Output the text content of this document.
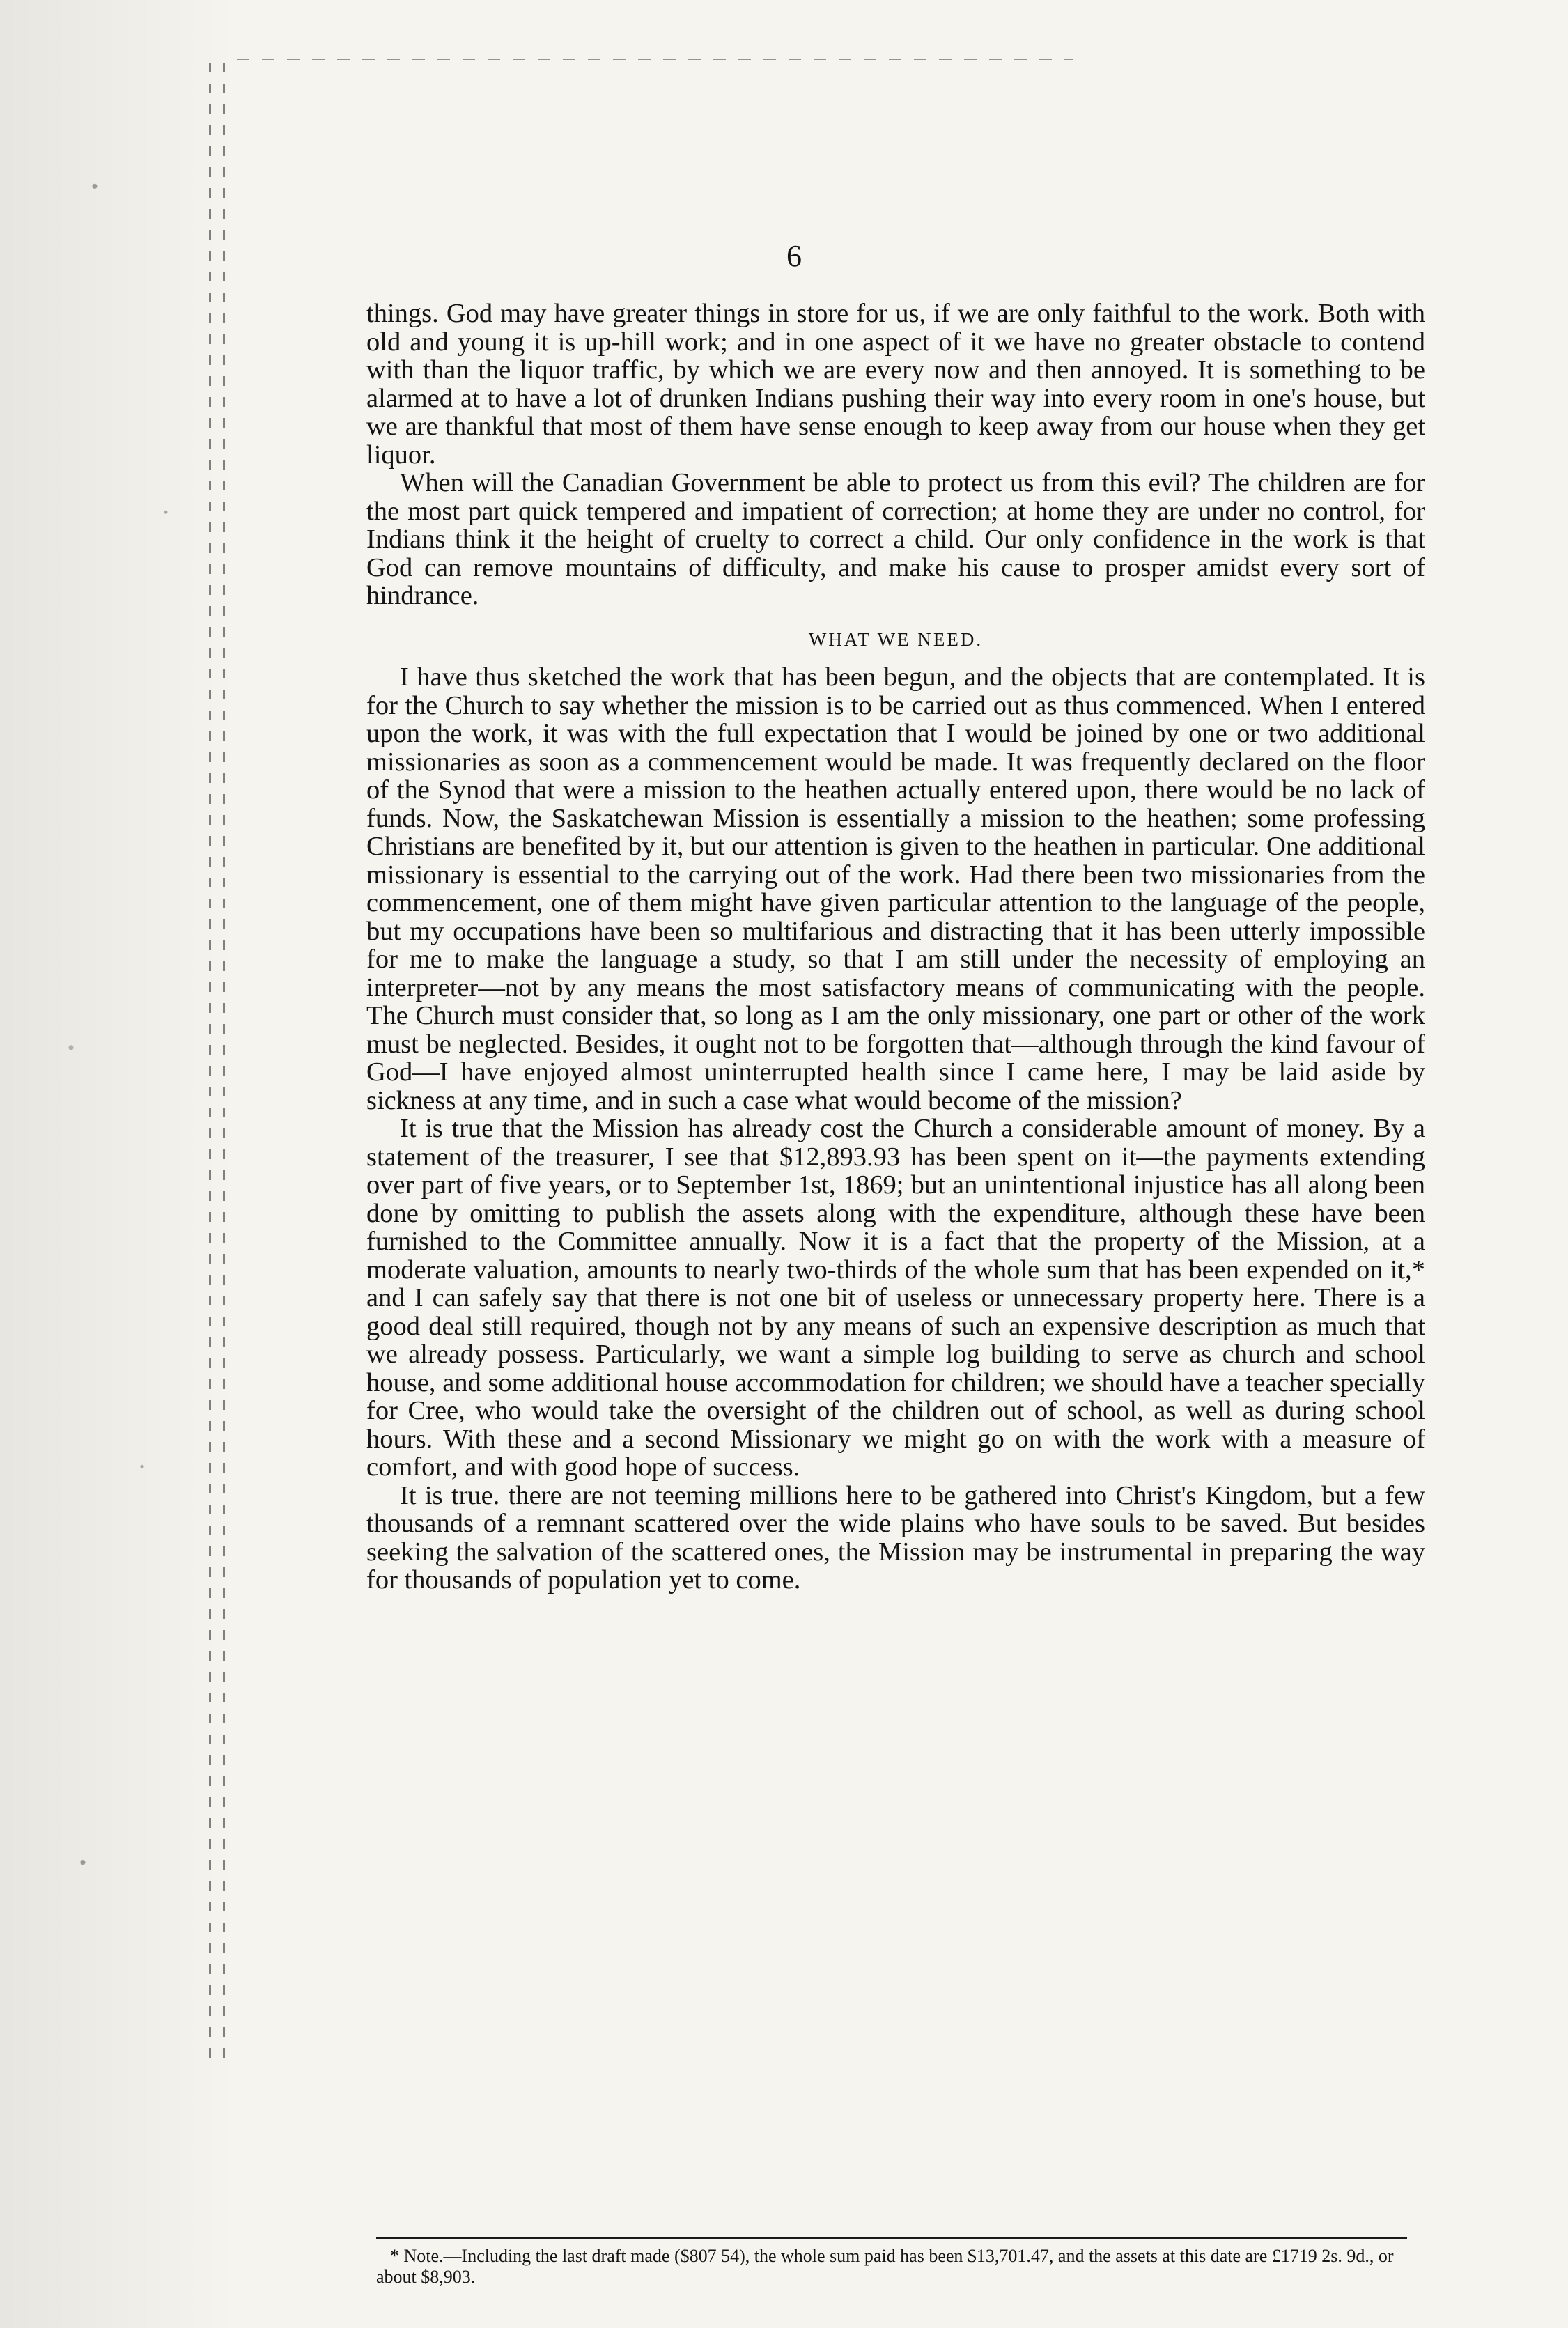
6

things. God may have greater things in store for us, if we are only faithful to the work. Both with old and young it is up-hill work; and in one aspect of it we have no greater obstacle to contend with than the liquor traffic, by which we are every now and then annoyed. It is something to be alarmed at to have a lot of drunken Indians pushing their way into every room in one's house, but we are thankful that most of them have sense enough to keep away from our house when they get liquor.

When will the Canadian Government be able to protect us from this evil? The children are for the most part quick tempered and impatient of correction; at home they are under no control, for Indians think it the height of cruelty to correct a child. Our only confidence in the work is that God can remove mountains of difficulty, and make his cause to prosper amidst every sort of hindrance.

WHAT WE NEED.

I have thus sketched the work that has been begun, and the objects that are contemplated. It is for the Church to say whether the mission is to be carried out as thus commenced. When I entered upon the work, it was with the full expectation that I would be joined by one or two additional missionaries as soon as a commencement would be made. It was frequently declared on the floor of the Synod that were a mission to the heathen actually entered upon, there would be no lack of funds. Now, the Saskatchewan Mission is essentially a mission to the heathen; some professing Christians are benefited by it, but our attention is given to the heathen in particular. One additional missionary is essential to the carrying out of the work. Had there been two missionaries from the commencement, one of them might have given particular attention to the language of the people, but my occupations have been so multifarious and distracting that it has been utterly impossible for me to make the language a study, so that I am still under the necessity of employing an interpreter—not by any means the most satisfactory means of communicating with the people. The Church must consider that, so long as I am the only missionary, one part or other of the work must be neglected. Besides, it ought not to be forgotten that—although through the kind favour of God—I have enjoyed almost uninterrupted health since I came here, I may be laid aside by sickness at any time, and in such a case what would become of the mission?

It is true that the Mission has already cost the Church a considerable amount of money. By a statement of the treasurer, I see that $12,893.93 has been spent on it—the payments extending over part of five years, or to September 1st, 1869; but an unintentional injustice has all along been done by omitting to publish the assets along with the expenditure, although these have been furnished to the Committee annually. Now it is a fact that the property of the Mission, at a moderate valuation, amounts to nearly two-thirds of the whole sum that has been expended on it,* and I can safely say that there is not one bit of useless or unnecessary property here. There is a good deal still required, though not by any means of such an expensive description as much that we already possess. Particularly, we want a simple log building to serve as church and school house, and some additional house accommodation for children; we should have a teacher specially for Cree, who would take the oversight of the children out of school, as well as during school hours. With these and a second Missionary we might go on with the work with a measure of comfort, and with good hope of success.

It is true. there are not teeming millions here to be gathered into Christ's Kingdom, but a few thousands of a remnant scattered over the wide plains who have souls to be saved. But besides seeking the salvation of the scattered ones, the Mission may be instrumental in preparing the way for thousands of population yet to come.

* Note.—Including the last draft made ($807 54), the whole sum paid has been $13,701.47, and the assets at this date are £1719 2s. 9d., or about $8,903.
